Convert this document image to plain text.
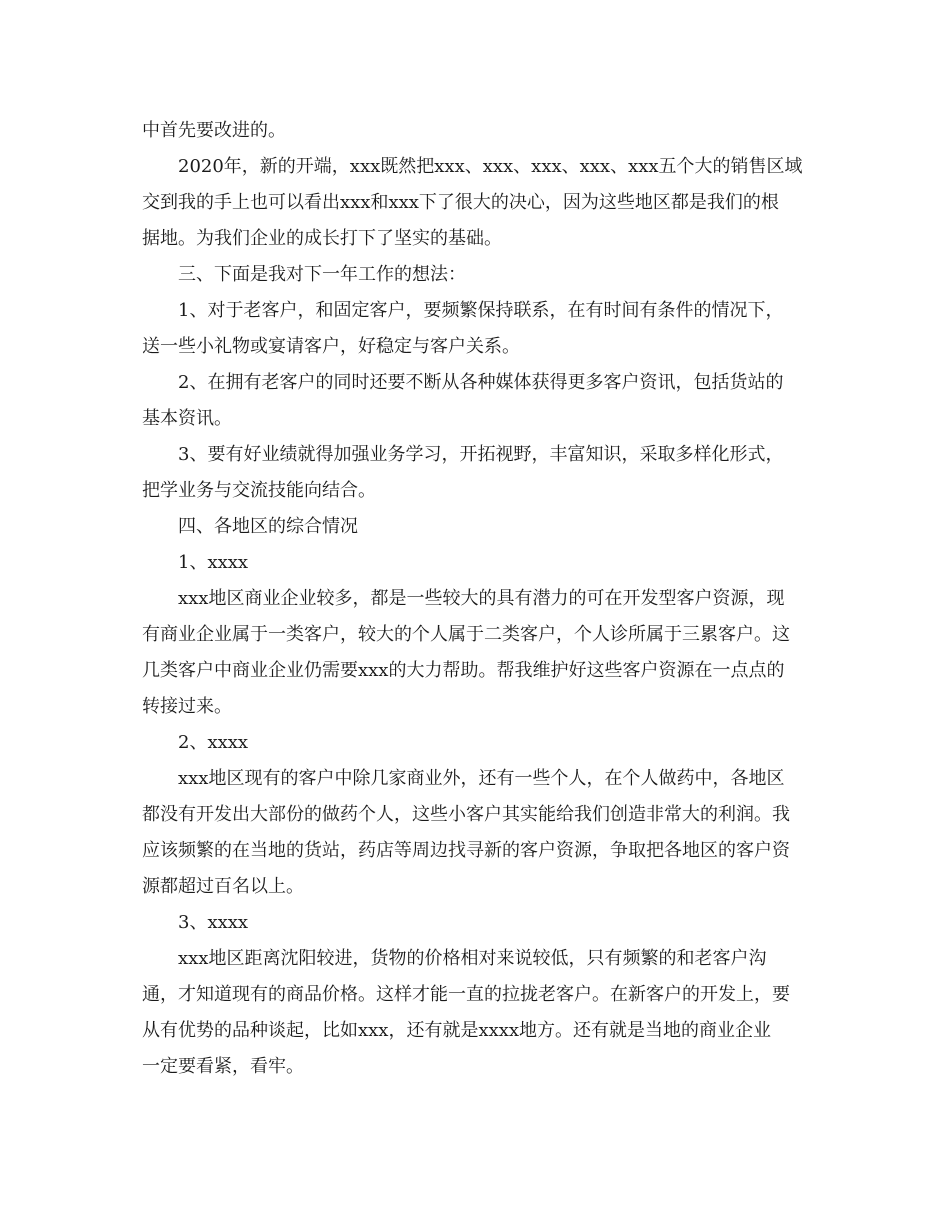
中首先要改进的。
2020年，新的开端，xxx既然把xxx、xxx、xxx、xxx、xxx五个大的销售区域
交到我的手上也可以看出xxx和xxx下了很大的决心，因为这些地区都是我们的根
据地。为我们企业的成长打下了坚实的基础。
三、下面是我对下一年工作的想法：
1、对于老客户，和固定客户，要频繁保持联系，在有时间有条件的情况下，
送一些小礼物或宴请客户，好稳定与客户关系。
2、在拥有老客户的同时还要不断从各种媒体获得更多客户资讯，包括货站的
基本资讯。
3、要有好业绩就得加强业务学习，开拓视野，丰富知识，采取多样化形式，
把学业务与交流技能向结合。
四、各地区的综合情况
1、xxxx
xxx地区商业企业较多，都是一些较大的具有潜力的可在开发型客户资源，现
有商业企业属于一类客户，较大的个人属于二类客户，个人诊所属于三累客户。这
几类客户中商业企业仍需要xxx的大力帮助。帮我维护好这些客户资源在一点点的
转接过来。
2、xxxx
xxx地区现有的客户中除几家商业外，还有一些个人，在个人做药中，各地区
都没有开发出大部份的做药个人，这些小客户其实能给我们创造非常大的利润。我
应该频繁的在当地的货站，药店等周边找寻新的客户资源，争取把各地区的客户资
源都超过百名以上。
3、xxxx
xxx地区距离沈阳较进，货物的价格相对来说较低，只有频繁的和老客户沟
通，才知道现有的商品价格。这样才能一直的拉拢老客户。在新客户的开发上，要
从有优势的品种谈起，比如xxx，还有就是xxxx地方。还有就是当地的商业企业
一定要看紧，看牢。
